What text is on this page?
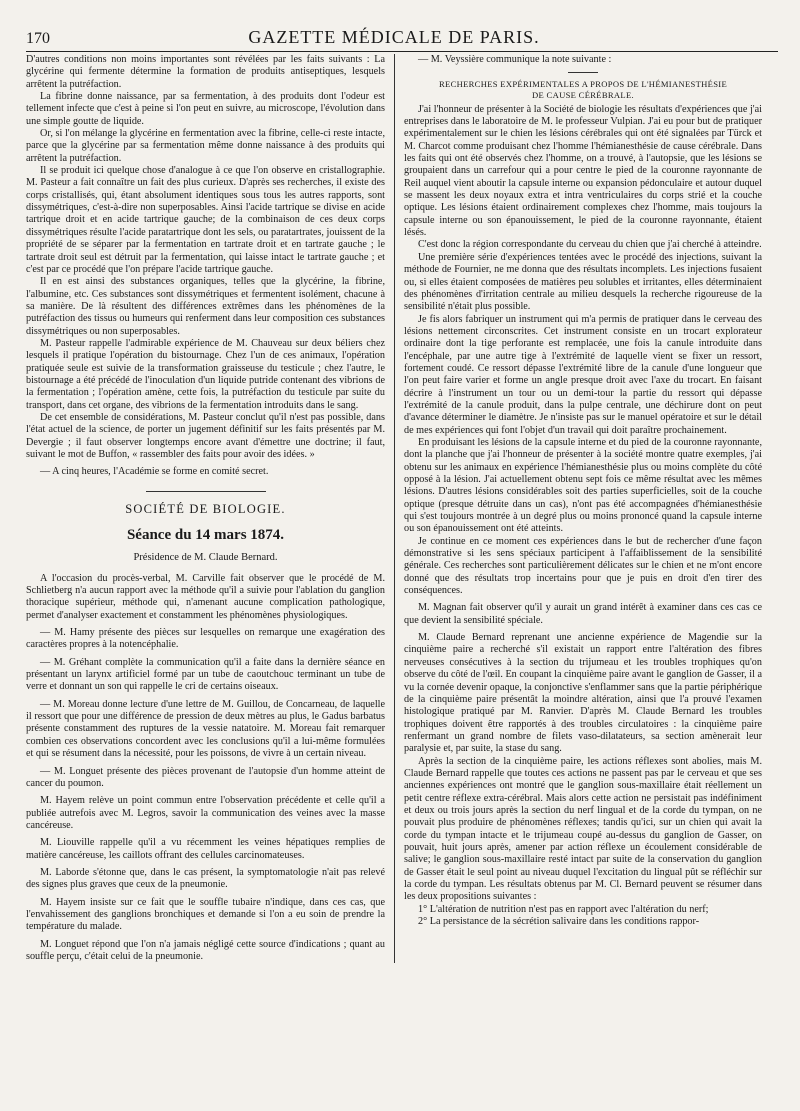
170	GAZETTE MÉDICALE DE PARIS.

D'autres conditions non moins importantes sont révélées par les faits suivants : La glycérine qui fermente détermine la formation de produits antiseptiques, lesquels arrêtent la putréfaction.

La fibrine donne naissance, par sa fermentation, à des produits dont l'odeur est tellement infecte que c'est à peine si l'on peut en suivre, au microscope, l'évolution dans une simple goutte de liquide.

Or, si l'on mélange la glycérine en fermentation avec la fibrine, celle-ci reste intacte, parce que la glycérine par sa fermentation même donne naissance à des produits qui arrêtent la putréfaction.

Il se produit ici quelque chose d'analogue à ce que l'on observe en cristallographie. M. Pasteur a fait connaître un fait des plus curieux. D'après ses recherches, il existe des corps cristallisés, qui, étant absolument identiques sous tous les autres rapports, sont dissymétriques, c'est-à-dire non superposables. Ainsi l'acide tartrique se divise en acide tartrique droit et en acide tartrique gauche; de la combinaison de ces deux corps dissymétriques résulte l'acide paratartrique dont les sels, ou paratartrates, jouissent de la propriété de se séparer par la fermentation en tartrate droit et en tartrate gauche ; le tartrate droit seul est détruit par la fermentation, qui laisse intact le tartrate gauche ; et c'est par ce procédé que l'on prépare l'acide tartrique gauche.

Il en est ainsi des substances organiques, telles que la glycérine, la fibrine, l'albumine, etc. Ces substances sont dissymétriques et fermentent isolément, chacune à sa manière. De là résultent des différences extrêmes dans les phénomènes de la putréfaction des tissus ou humeurs qui renferment dans leur composition ces substances dissymétriques ou non superposables.

M. Pasteur rappelle l'admirable expérience de M. Chauveau sur deux béliers chez lesquels il pratique l'opération du bistournage. Chez l'un de ces animaux, l'opération pratiquée seule est suivie de la transformation graisseuse du testicule ; chez l'autre, le bistournage a été précédé de l'inoculation d'un liquide putride contenant des vibrions de la fermentation ; l'opération amène, cette fois, la putréfaction du testicule par suite du transport, dans cet organe, des vibrions de la fermentation introduits dans le sang.

De cet ensemble de considérations, M. Pasteur conclut qu'il n'est pas possible, dans l'état actuel de la science, de porter un jugement définitif sur les faits présentés par M. Devergie ; il faut observer longtemps encore avant d'émettre une doctrine; il faut, suivant le mot de Buffon, « rassembler des faits pour avoir des idées. »

— A cinq heures, l'Académie se forme en comité secret.

SOCIÉTÉ DE BIOLOGIE.
Séance du 14 mars 1874.
Présidence de M. Claude Bernard.

A l'occasion du procès-verbal, M. Carville fait observer que le procédé de M. Schlietberg n'a aucun rapport avec la méthode qu'il a suivie pour l'ablation du ganglion thoracique supérieur, méthode qui, n'amenant aucune complication pathologique, permet d'analyser exactement et constamment les phénomènes physiologiques.

— M. Hamy présente des pièces sur lesquelles on remarque une exagération des caractères propres à la notencéphalie.

— M. Gréhant complète la communication qu'il a faite dans la dernière séance en présentant un larynx artificiel formé par un tube de caoutchouc terminant un tube de verre et donnant un son qui rappelle le cri de certains oiseaux.

— M. Moreau donne lecture d'une lettre de M. Guillou, de Concarneau, de laquelle il ressort que pour une différence de pression de deux mètres au plus, le Gadus barbatus présente constamment des ruptures de la vessie natatoire. M. Moreau fait remarquer combien ces observations concordent avec les conclusions qu'il a lui-même formulées et qui se résument dans la nécessité, pour les poissons, de vivre à un certain niveau.

— M. Longuet présente des pièces provenant de l'autopsie d'un homme atteint de cancer du poumon.

M. Hayem relève un point commun entre l'observation précédente et celle qu'il a publiée autrefois avec M. Legros, savoir la communication des veines avec la masse cancéreuse.

M. Liouville rappelle qu'il a vu récemment les veines hépatiques remplies de matière cancéreuse, les caillots offrant des cellules carcinomateuses.

M. Laborde s'étonne que, dans le cas présent, la symptomatologie n'ait pas relevé des signes plus graves que ceux de la pneumonie.

M. Hayem insiste sur ce fait que le souffle tubaire n'indique, dans ces cas, que l'envahissement des ganglions bronchiques et demande si l'on a eu soin de prendre la température du malade.

M. Longuet répond que l'on n'a jamais négligé cette source d'indications ; quant au souffle perçu, c'était celui de la pneumonie.

— M. Veyssière communique la note suivante :

RECHERCHES EXPÉRIMENTALES A PROPOS DE L'HÉMIANESTHÉSIE
DE CAUSE CÉRÉBRALE.

J'ai l'honneur de présenter à la Société de biologie les résultats d'expériences que j'ai entreprises dans le laboratoire de M. le professeur Vulpian. J'ai eu pour but de pratiquer expérimentalement sur le chien les lésions cérébrales qui ont été signalées par Türck et M. Charcot comme produisant chez l'homme l'hémianesthésie de cause cérébrale. Dans les faits qui ont été observés chez l'homme, on a trouvé, à l'autopsie, que les lésions se groupaient dans un carrefour qui a pour centre le pied de la couronne rayonnante de Reil auquel vient aboutir la capsule interne ou expansion pédonculaire et autour duquel se massent les deux noyaux extra et intra ventriculaires du corps strié et la couche optique. Les lésions étaient ordinairement complexes chez l'homme, mais toujours la capsule interne ou son épanouissement, le pied de la couronne rayonnante, étaient lésés.

C'est donc la région correspondante du cerveau du chien que j'ai cherché à atteindre.

Une première série d'expériences tentées avec le procédé des injections, suivant la méthode de Fournier, ne me donna que des résultats incomplets. Les injections fusaient ou, si elles étaient composées de matières peu solubles et irritantes, elles déterminaient des phénomènes d'irritation centrale au milieu desquels la recherche rigoureuse de la sensibilité n'était plus possible.

Je fis alors fabriquer un instrument qui m'a permis de pratiquer dans le cerveau des lésions nettement circonscrites. Cet instrument consiste en un trocart explorateur ordinaire dont la tige perforante est remplacée, une fois la canule introduite dans l'encéphale, par une autre tige à l'extrémité de laquelle vient se fixer un ressort, fortement coudé. Ce ressort dépasse l'extrémité libre de la canule d'une longueur que l'on peut faire varier et forme un angle presque droit avec l'axe du trocart. En faisant décrire à l'instrument un tour ou un demi-tour la partie du ressort qui dépasse l'extrémité de la canule produit, dans la pulpe centrale, une déchirure dont on peut d'avance déterminer le diamètre. Je n'insiste pas sur le manuel opératoire et sur le détail de mes expériences qui font l'objet d'un travail qui doit paraître prochainement.

En produisant les lésions de la capsule interne et du pied de la couronne rayonnante, dont la planche que j'ai l'honneur de présenter à la société montre quatre exemples, j'ai obtenu sur les animaux en expérience l'hémianesthésie plus ou moins complète du côté opposé à la lésion. J'ai actuellement obtenu sept fois ce même résultat avec les mêmes lésions. D'autres lésions considérables soit des parties superficielles, soit de la couche optique (presque détruite dans un cas), n'ont pas été accompagnées d'hémianesthésie qui s'est toujours montrée à un degré plus ou moins prononcé quand la capsule interne ou son épanouissement ont été atteints.

Je continue en ce moment ces expériences dans le but de rechercher d'une façon démonstrative si les sens spéciaux participent à l'affaiblissement de la sensibilité générale. Ces recherches sont particulièrement délicates sur le chien et ne m'ont encore donné que des résultats trop incertains pour que je puis en droit d'en tirer des conséquences.

M. Magnan fait observer qu'il y aurait un grand intérêt à examiner dans ces cas ce que devient la sensibilité spéciale.

M. Claude Bernard reprenant une ancienne expérience de Magendie sur la cinquième paire a recherché s'il existait un rapport entre l'altération des fibres nerveuses consécutives à la section du trijumeau et les troubles trophiques qu'on observe du côté de l'œil. En coupant la cinquième paire avant le ganglion de Gasser, il a vu la cornée devenir opaque, la conjonctive s'enflammer sans que la partie périphérique de la cinquième paire présentât la moindre altération, ainsi que l'a prouvé l'examen histologique pratiqué par M. Ranvier. D'après M. Claude Bernard les troubles trophiques doivent être rapportés à des troubles circulatoires : la cinquième paire renfermant un grand nombre de filets vaso-dilatateurs, sa section amènerait leur paralysie et, par suite, la stase du sang.

Après la section de la cinquième paire, les actions réflexes sont abolies, mais M. Claude Bernard rappelle que toutes ces actions ne passent pas par le cerveau et que ses anciennes expériences ont montré que le ganglion sous-maxillaire était réellement un petit centre réflexe extra-cérébral. Mais alors cette action ne persistait pas indéfiniment et deux ou trois jours après la section du nerf lingual et de la corde du tympan, on ne pouvait plus produire de phénomènes réflexes; tandis qu'ici, sur un chien qui avait la corde du tympan intacte et le trijumeau coupé au-dessus du ganglion de Gasser, on pouvait, huit jours après, amener par action réflexe un écoulement considérable de salive; le ganglion sous-maxillaire resté intact par suite de la conservation du ganglion de Gasser était le seul point au niveau duquel l'excitation du lingual pût se réfléchir sur la corde du tympan. Les résultats obtenus par M. Cl. Bernard peuvent se résumer dans les deux propositions suivantes :

1° L'altération de nutrition n'est pas en rapport avec l'altération du nerf;

2° La persistance de la sécrétion salivaire dans les conditions rappor-
